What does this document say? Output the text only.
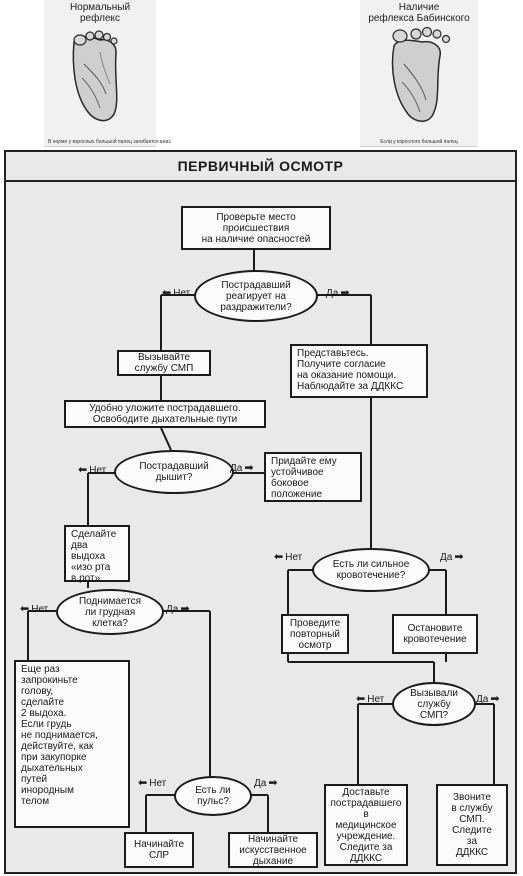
Нормальный
рефлекс
В норме у взрослых большой палец загибается вниз
Наличие
рефлекса Бабинского
Если у взрослого большой палец
ПЕРВИЧНЫЙ ОСМОТР
Проверьте место
происшествия
на наличие опасностей
Пострадавший
реагирует на
раздражители?
⬅ Нет	Да ➡
Вызывайте
службу СМП
Представьтесь.
Получите согласие
на оказание помощи.
Наблюдайте за ДДККС
Удобно уложите пострадавшего.
Освободите дыхательные пути
Пострадавший
дышит?
⬅ Нет	Да ➡
Придайте ему
устойчивое
боковое
положение
Сделайте
два выдоха
«изо рта
в рот»
Есть ли сильное
кровотечение?
⬅ Нет	Да ➡
Поднимается
ли грудная
клетка?
⬅ Нет	Да ➡
Проведите
повторный
осмотр
Остановите
кровотечение
Еще раз
запрокиньте
голову,
сделайте
2 выдоха.
Если грудь
не поднимается,
действуйте, как
при закупорке
дыхательных
путей
инородным
телом
Вызывали
службу
СМП?
⬅ Нет	Да ➡
Есть ли
пульс?
⬅ Нет	Да ➡
Доставьте
пострадавшего
в
медицинское
учреждение.
Следите за
ДДККС
Звоните
в службу
СМП.
Следите
за
ДДККС
Начинайте
СЛР
Начинайте
искусственное
дыхание
